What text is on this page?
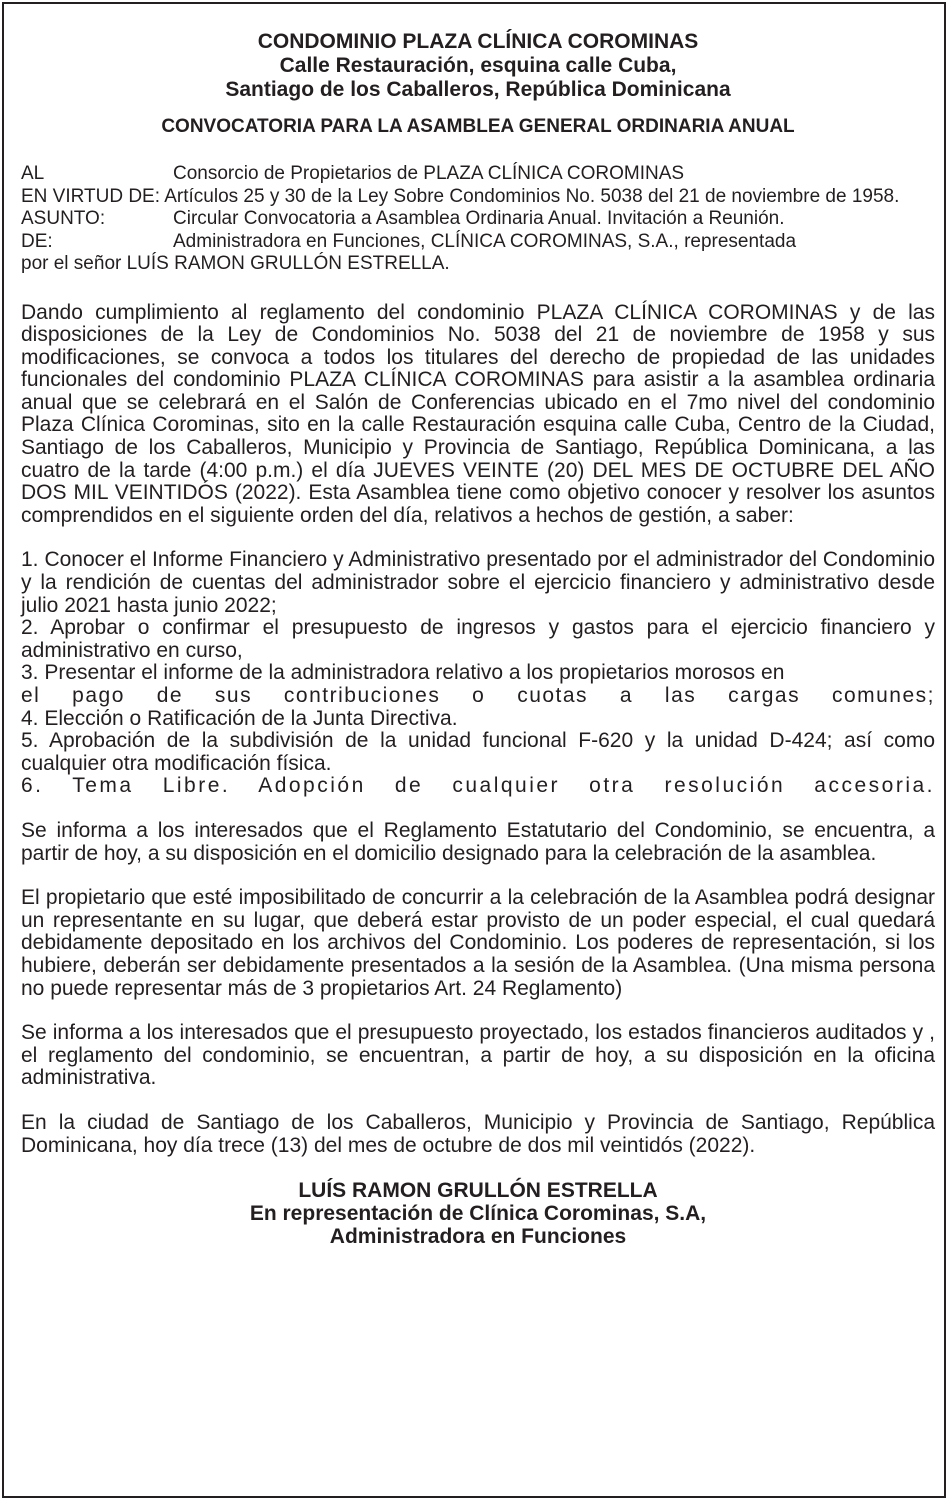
CONDOMINIO PLAZA CLÍNICA COROMINAS
Calle Restauración, esquina calle Cuba,
Santiago de los Caballeros, República Dominicana
CONVOCATORIA PARA LA ASAMBLEA GENERAL ORDINARIA ANUAL
AL	Consorcio de Propietarios de PLAZA CLÍNICA COROMINAS
EN VIRTUD DE: Artículos 25 y 30 de la Ley Sobre Condominios No. 5038 del 21 de noviembre de 1958.
ASUNTO:	Circular Convocatoria a Asamblea Ordinaria Anual. Invitación a Reunión.
DE:	Administradora en Funciones, CLÍNICA COROMINAS, S.A., representada
por el señor LUÍS RAMON GRULLÓN ESTRELLA.

Dando cumplimiento al reglamento del condominio PLAZA CLÍNICA COROMINAS y de las disposiciones de la Ley de Condominios No. 5038 del 21 de noviembre de 1958 y sus modificaciones, se convoca a todos los titulares del derecho de propiedad de las unidades funcionales del condominio PLAZA CLÍNICA COROMINAS para asistir a la asamblea ordinaria anual que se celebrará en el Salón de Conferencias ubicado en el 7mo nivel del condominio Plaza Clínica Corominas, sito en la calle Restauración esquina calle Cuba, Centro de la Ciudad, Santiago de los Caballeros, Municipio y Provincia de Santiago, República Dominicana, a las cuatro de la tarde (4:00 p.m.) el día JUEVES VEINTE (20) DEL MES DE OCTUBRE DEL AÑO DOS MIL VEINTIDÓS (2022). Esta Asamblea tiene como objetivo conocer y resolver los asuntos comprendidos en el siguiente orden del día, relativos a hechos de gestión, a saber:

1. Conocer el Informe Financiero y Administrativo presentado por el administrador del Condominio y la rendición de cuentas del administrador sobre el ejercicio financiero y administrativo desde julio 2021 hasta junio 2022;

2. Aprobar o confirmar el presupuesto de ingresos y gastos para el ejercicio financiero y administrativo en curso,

3. Presentar el informe de la administradora relativo a los propietarios morosos en

el pago de sus contribuciones o cuotas a las cargas comunes;

4. Elección o Ratificación de la Junta Directiva.

5. Aprobación de la subdivisión de la unidad funcional F-620 y la unidad D-424; así como cualquier otra modificación física.

6. Tema Libre. Adopción de cualquier otra resolución accesoria.

Se informa a los interesados que el Reglamento Estatutario del Condominio, se encuentra, a partir de hoy, a su disposición en el domicilio designado para la celebración de la asamblea.

El propietario que esté imposibilitado de concurrir a la celebración de la Asamblea podrá designar un representante en su lugar, que deberá estar provisto de un poder especial, el cual quedará debidamente depositado en los archivos del Condominio. Los poderes de representación, si los hubiere, deberán ser debidamente presentados a la sesión de la Asamblea. (Una misma persona no puede representar más de 3 propietarios Art. 24 Reglamento)

Se informa a los interesados que el presupuesto proyectado, los estados financieros auditados y , el reglamento del condominio, se encuentran, a partir de hoy, a su disposición en la oficina administrativa.

En la ciudad de Santiago de los Caballeros, Municipio y Provincia de Santiago, República Dominicana, hoy día trece (13) del mes de octubre de dos mil veintidós (2022).

LUÍS RAMON GRULLÓN ESTRELLA
En representación de Clínica Corominas, S.A,
Administradora en Funciones
